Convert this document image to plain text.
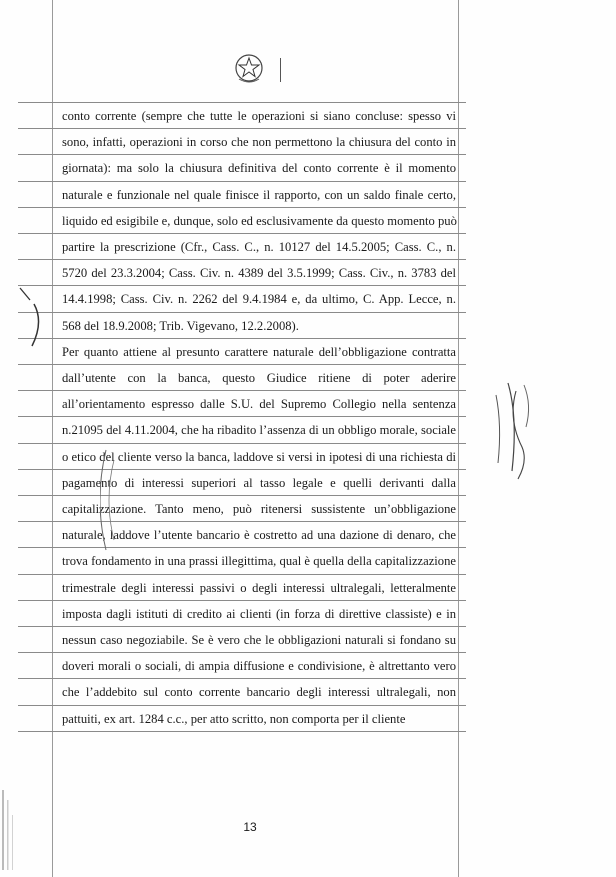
conto corrente (sempre che tutte le operazioni si siano concluse: spesso vi
sono, infatti, operazioni in corso che non permettono la chiusura del conto in
giornata): ma solo la chiusura definitiva del conto corrente è il momento
naturale e funzionale nel quale finisce il rapporto, con un saldo finale certo,
liquido ed esigibile e, dunque, solo ed esclusivamente da questo momento può
partire la prescrizione (Cfr., Cass. C., n. 10127 del 14.5.2005; Cass. C., n.
5720 del 23.3.2004; Cass. Civ. n. 4389 del 3.5.1999; Cass. Civ., n. 3783 del
14.4.1998; Cass. Civ. n. 2262 del 9.4.1984 e, da ultimo, C. App. Lecce, n.
568 del 18.9.2008; Trib. Vigevano, 12.2.2008).
Per quanto attiene al presunto carattere naturale dell’obbligazione contratta
dall’utente con la banca, questo Giudice ritiene di poter aderire
all’orientamento espresso dalle S.U. del Supremo Collegio nella sentenza
n.21095 del 4.11.2004, che ha ribadito l’assenza di un obbligo morale, sociale
o etico del cliente verso la banca, laddove si versi in ipotesi di una richiesta di
pagamento di interessi superiori al tasso legale e quelli derivanti dalla
capitalizzazione. Tanto meno, può ritenersi sussistente un’obbligazione
naturale, laddove l’utente bancario è costretto ad una dazione di denaro, che
trova fondamento in una prassi illegittima, qual è quella della capitalizzazione
trimestrale degli interessi passivi o degli interessi ultralegali, letteralmente
imposta dagli istituti di credito ai clienti (in forza di direttive classiste) e in
nessun caso negoziabile. Se è vero che le obbligazioni naturali si fondano su
doveri morali o sociali, di ampia diffusione e condivisione, è altrettanto vero
che l’addebito sul conto corrente bancario degli interessi ultralegali, non
pattuiti, ex art. 1284 c.c., per atto scritto, non comporta per il cliente
13
